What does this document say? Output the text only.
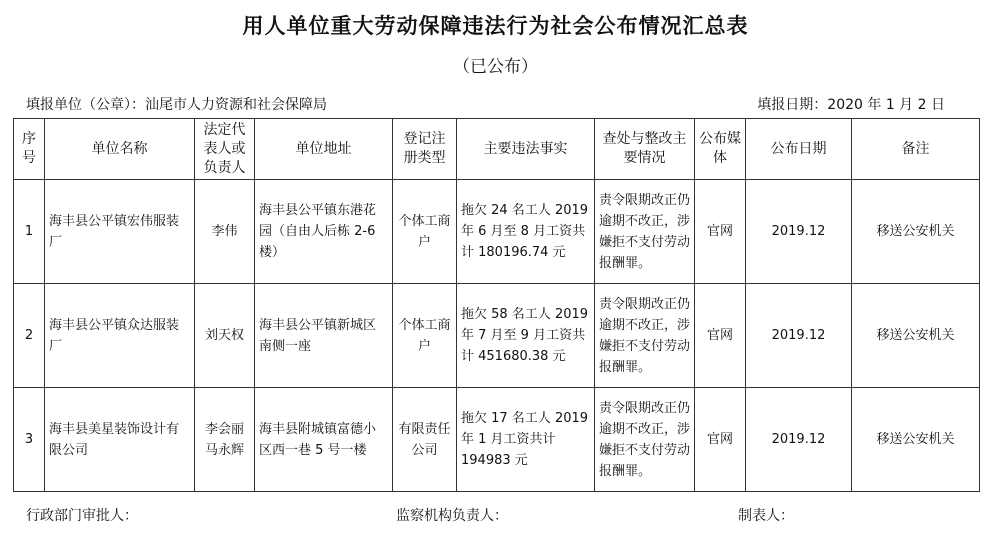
用人单位重大劳动保障违法行为社会公布情况汇总表
（已公布）
填报单位（公章）：汕尾市人力资源和社会保障局	填报日期：2020 年 1 月 2 日
序号	单位名称	法定代表人或负责人	单位地址	登记注册类型	主要违法事实	查处与整改主要情况	公布媒体	公布日期	备注
1	海丰县公平镇宏伟服装厂	李伟	海丰县公平镇东港花园（自由人后栋 2-6 楼）	个体工商户	拖欠 24 名工人 2019 年 6 月至 8 月工资共计 180196.74 元	责令限期改正仍逾期不改正，涉嫌拒不支付劳动报酬罪。	官网	2019.12	移送公安机关
2	海丰县公平镇众达服装厂	刘天权	海丰县公平镇新城区南侧一座	个体工商户	拖欠 58 名工人 2019 年 7 月至 9 月工资共计 451680.38 元	责令限期改正仍逾期不改正，涉嫌拒不支付劳动报酬罪。	官网	2019.12	移送公安机关
3	海丰县美星装饰设计有限公司	李会丽 马永辉	海丰县附城镇富德小区西一巷 5 号一楼	有限责任公司	拖欠 17 名工人 2019 年 1 月工资共计 194983 元	责令限期改正仍逾期不改正，涉嫌拒不支付劳动报酬罪。	官网	2019.12	移送公安机关
行政部门审批人：	监察机构负责人：	制表人：
